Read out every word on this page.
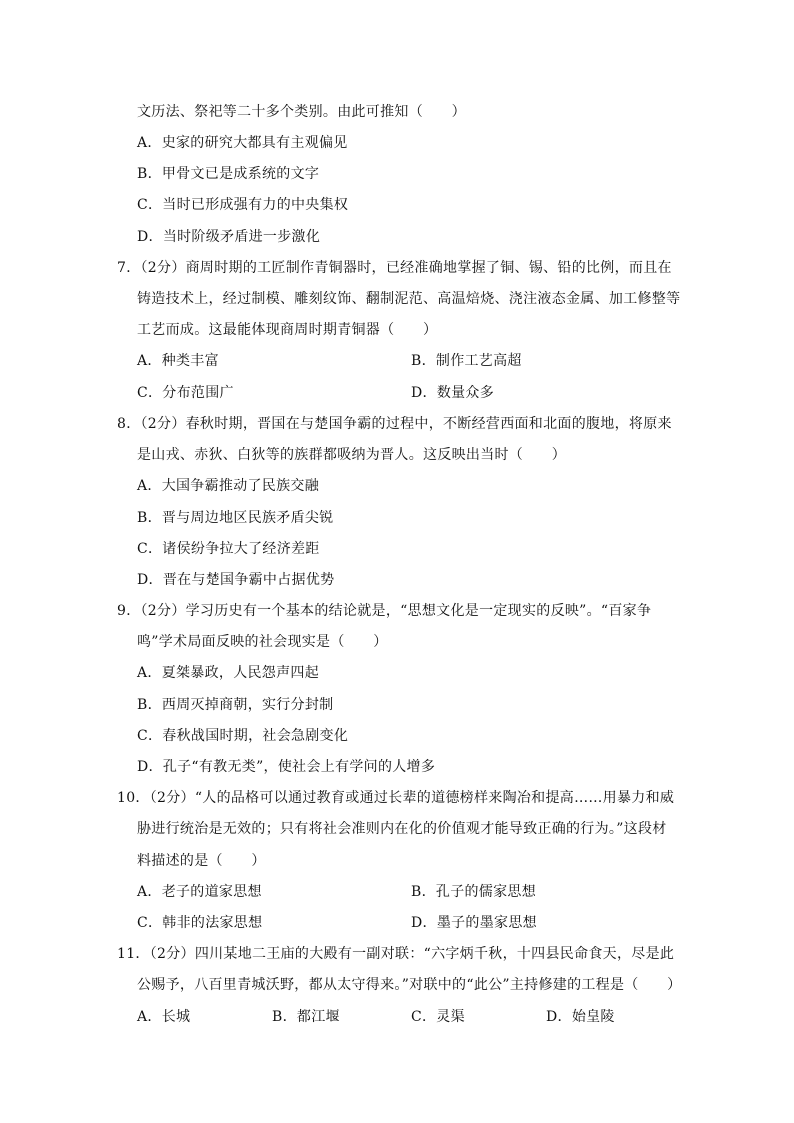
文历法、祭祀等二十多个类别。由此可推知（　　）
A．史家的研究大都具有主观偏见
B．甲骨文已是成系统的文字
C．当时已形成强有力的中央集权
D．当时阶级矛盾进一步激化
7．（2分）商周时期的工匠制作青铜器时，已经准确地掌握了铜、锡、铅的比例，而且在
铸造技术上，经过制模、雕刻纹饰、翻制泥范、高温焙烧、浇注液态金属、加工修整等
工艺而成。这最能体现商周时期青铜器（　　）
A．种类丰富	B．制作工艺高超
C．分布范围广	D．数量众多
8．（2分）春秋时期，晋国在与楚国争霸的过程中，不断经营西面和北面的腹地，将原来
是山戎、赤狄、白狄等的族群都吸纳为晋人。这反映出当时（　　）
A．大国争霸推动了民族交融
B．晋与周边地区民族矛盾尖锐
C．诸侯纷争拉大了经济差距
D．晋在与楚国争霸中占据优势
9．（2分）学习历史有一个基本的结论就是，“思想文化是一定现实的反映”。“百家争
鸣”学术局面反映的社会现实是（　　）
A．夏桀暴政，人民怨声四起
B．西周灭掉商朝，实行分封制
C．春秋战国时期，社会急剧变化
D．孔子“有教无类”，使社会上有学问的人增多
10．（2分）“人的品格可以通过教育或通过长辈的道德榜样来陶冶和提高……用暴力和威
胁进行统治是无效的；只有将社会准则内在化的价值观才能导致正确的行为。”这段材
料描述的是（　　）
A．老子的道家思想	B．孔子的儒家思想
C．韩非的法家思想	D．墨子的墨家思想
11．（2分）四川某地二王庙的大殿有一副对联：“六字炳千秋，十四县民命食天，尽是此
公赐予，八百里青城沃野，都从太守得来。”对联中的“此公”主持修建的工程是（　　）
A．长城	B．都江堰	C．灵渠	D．始皇陵
